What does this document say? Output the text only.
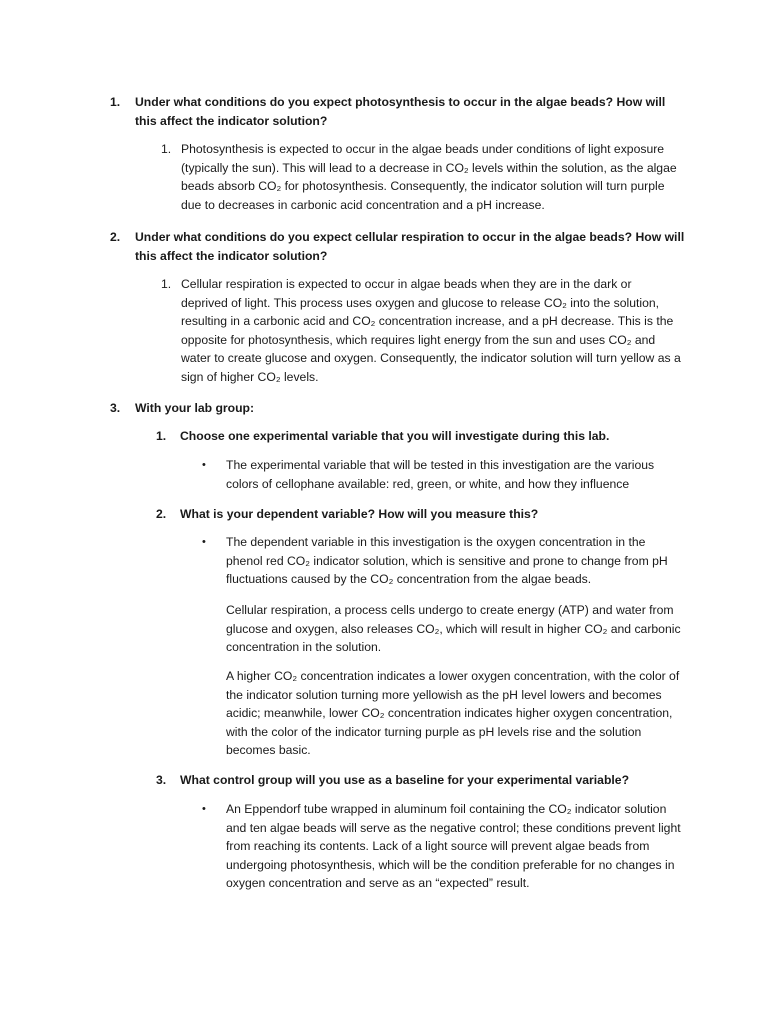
1. Under what conditions do you expect photosynthesis to occur in the algae beads? How will this affect the indicator solution?
1. Photosynthesis is expected to occur in the algae beads under conditions of light exposure (typically the sun). This will lead to a decrease in CO₂ levels within the solution, as the algae beads absorb CO₂ for photosynthesis. Consequently, the indicator solution will turn purple due to decreases in carbonic acid concentration and a pH increase.
2. Under what conditions do you expect cellular respiration to occur in the algae beads? How will this affect the indicator solution?
1. Cellular respiration is expected to occur in algae beads when they are in the dark or deprived of light. This process uses oxygen and glucose to release CO₂ into the solution, resulting in a carbonic acid and CO₂ concentration increase, and a pH decrease. This is the opposite for photosynthesis, which requires light energy from the sun and uses CO₂ and water to create glucose and oxygen. Consequently, the indicator solution will turn yellow as a sign of higher CO₂ levels.
3. With your lab group:
1. Choose one experimental variable that you will investigate during this lab.
• The experimental variable that will be tested in this investigation are the various colors of cellophane available: red, green, or white, and how they influence
2. What is your dependent variable? How will you measure this?
• The dependent variable in this investigation is the oxygen concentration in the phenol red CO₂ indicator solution, which is sensitive and prone to change from pH fluctuations caused by the CO₂ concentration from the algae beads.
Cellular respiration, a process cells undergo to create energy (ATP) and water from glucose and oxygen, also releases CO₂, which will result in higher CO₂ and carbonic concentration in the solution.
A higher CO₂ concentration indicates a lower oxygen concentration, with the color of the indicator solution turning more yellowish as the pH level lowers and becomes acidic; meanwhile, lower CO₂ concentration indicates higher oxygen concentration, with the color of the indicator turning purple as pH levels rise and the solution becomes basic.
3. What control group will you use as a baseline for your experimental variable?
• An Eppendorf tube wrapped in aluminum foil containing the CO₂ indicator solution and ten algae beads will serve as the negative control; these conditions prevent light from reaching its contents. Lack of a light source will prevent algae beads from undergoing photosynthesis, which will be the condition preferable for no changes in oxygen concentration and serve as an “expected” result.
